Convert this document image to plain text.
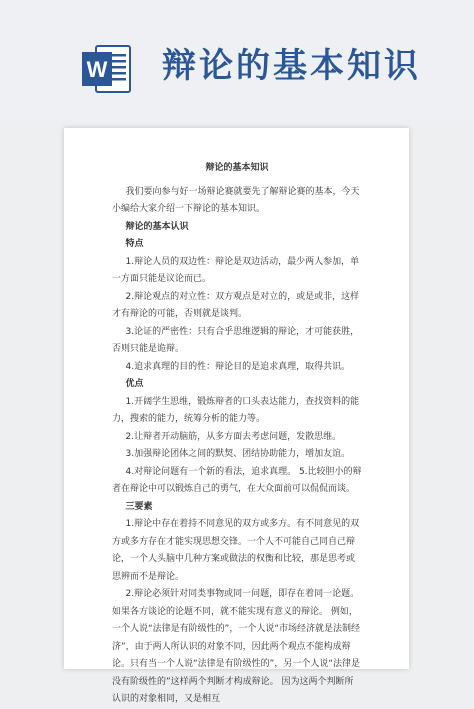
W 辩论的基本知识

辩论的基本知识

我们要向参与好一场辩论赛就要先了解辩论赛的基本，今天小编给大家介绍一下辩论的基本知识。

辩论的基本认识

特点

1.辩论人员的双边性：辩论是双边活动，最少两人参加，单一方面只能是议论而已。

2.辩论观点的对立性：双方观点是对立的，或是或非，这样才有辩论的可能，否则就是谈判。

3.论证的严密性：只有合乎思维逻辑的辩论，才可能获胜，否则只能是诡辩。

4.追求真理的目的性：辩论目的是追求真理，取得共识。

优点

1.开阔学生思维，锻炼辩者的口头表达能力，查找资料的能力，搜索的能力，统筹分析的能力等。

2.让辩者开动脑筋，从多方面去考虑问题，发散思维。

3.加强辩论团体之间的默契、团结协助能力，增加友谊。

4.对辩论问题有一个新的看法，追求真理。 5.比较胆小的辩者在辩论中可以锻炼自己的勇气，在大众面前可以侃侃而谈。

三要素

1.辩论中存在着持不同意见的双方或多方。有不同意见的双方或多方存在才能实现思想交锋。一个人不可能自己同自己辩论，一个人头脑中几种方案或做法的权衡和比较，那是思考或思辨而不是辩论。

2.辩论必须针对同类事物或同一问题，即存在着同一论题。 如果各方谈论的论题不同，就不能实现有意义的辩论。 例如，一个人说“法律是有阶级性的”，一个人说“市场经济就是法制经济”，由于两人所认识的对象不同，因此两个观点不能构成辩论。只有当一个人说“法律是有阶级性的”，另一个人说“法律是没有阶级性的”这样两个判断才构成辩论。 因为这两个判断所认识的对象相同，又是相互
